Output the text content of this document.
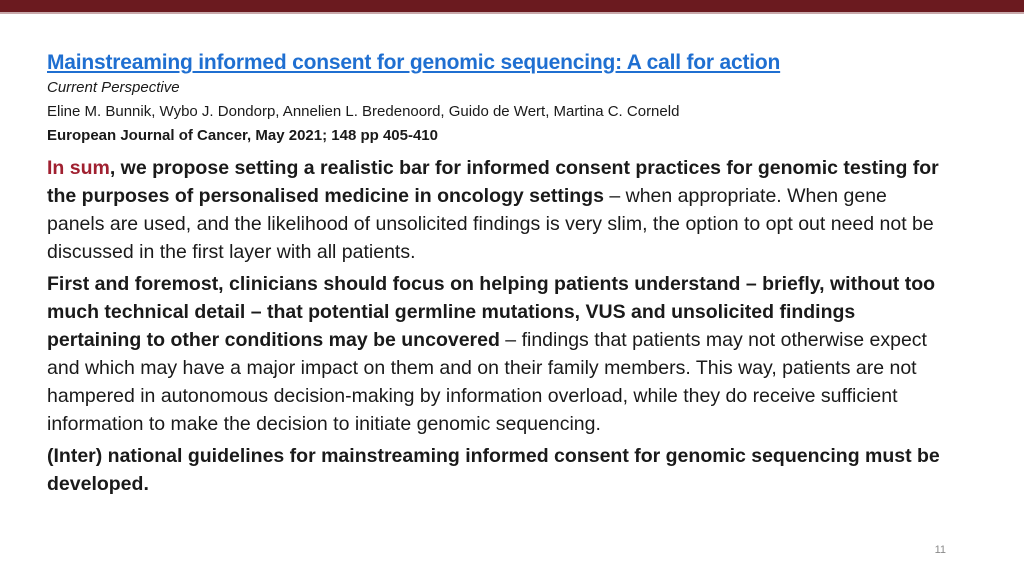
Mainstreaming informed consent for genomic sequencing: A call for action
Current Perspective
Eline M. Bunnik, Wybo J. Dondorp, Annelien L. Bredenoord, Guido de Wert, Martina C. Corneld
European Journal of Cancer, May 2021; 148 pp 405-410

In sum, we propose setting a realistic bar for informed consent practices for genomic testing for the purposes of personalised medicine in oncology settings – when appropriate. When gene panels are used, and the likelihood of unsolicited findings is very slim, the option to opt out need not be discussed in the first layer with all patients.

First and foremost, clinicians should focus on helping patients understand – briefly, without too much technical detail – that potential germline mutations, VUS and unsolicited findings pertaining to other conditions may be uncovered – findings that patients may not otherwise expect and which may have a major impact on them and on their family members. This way, patients are not hampered in autonomous decision-making by information overload, while they do receive sufficient information to make the decision to initiate genomic sequencing.

(Inter) national guidelines for mainstreaming informed consent for genomic sequencing must be developed.

11
